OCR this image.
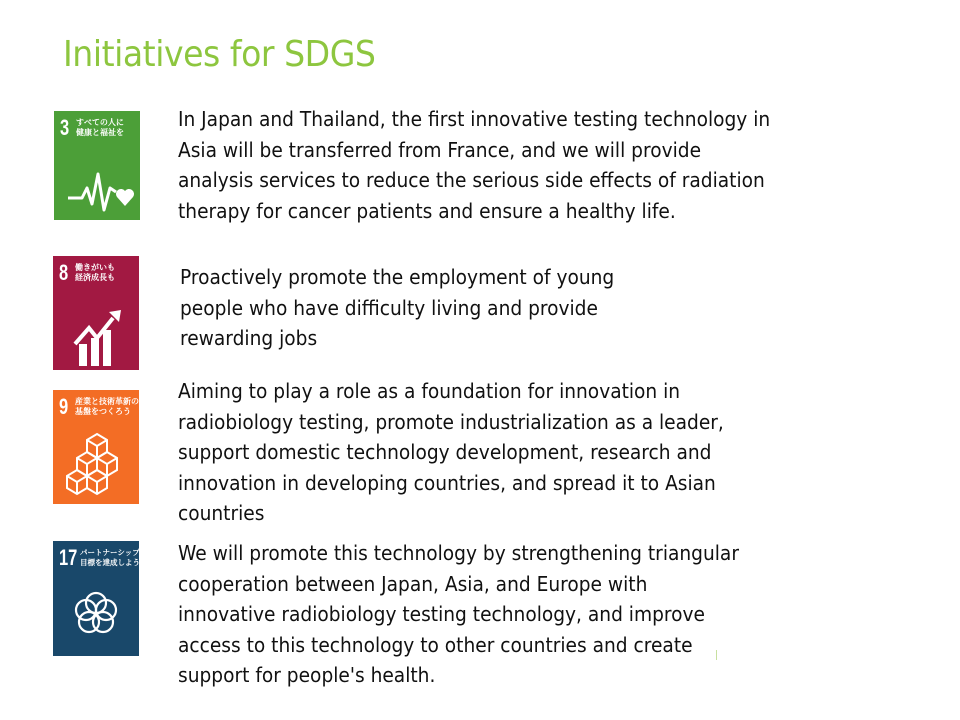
Initiatives for SDGS
3 すべての人に
健康と福祉を
In Japan and Thailand, the first innovative testing technology in
Asia will be transferred from France, and we will provide
analysis services to reduce the serious side effects of radiation
therapy for cancer patients and ensure a healthy life.
8 働きがいも
経済成長も	Proactively promote the employment of young
people who have difficulty living and provide
rewarding jobs
9 産業と技術革新の
基盤をつくろう
Aiming to play a role as a foundation for innovation in
radiobiology testing, promote industrialization as a leader,
support domestic technology development, research and
innovation in developing countries, and spread it to Asian
countries
17 パートナーシップで
目標を達成しよう	We will promote this technology by strengthening triangular
cooperation between Japan, Asia, and Europe with
innovative radiobiology testing technology, and improve
access to this technology to other countries and create
support for people's health.
